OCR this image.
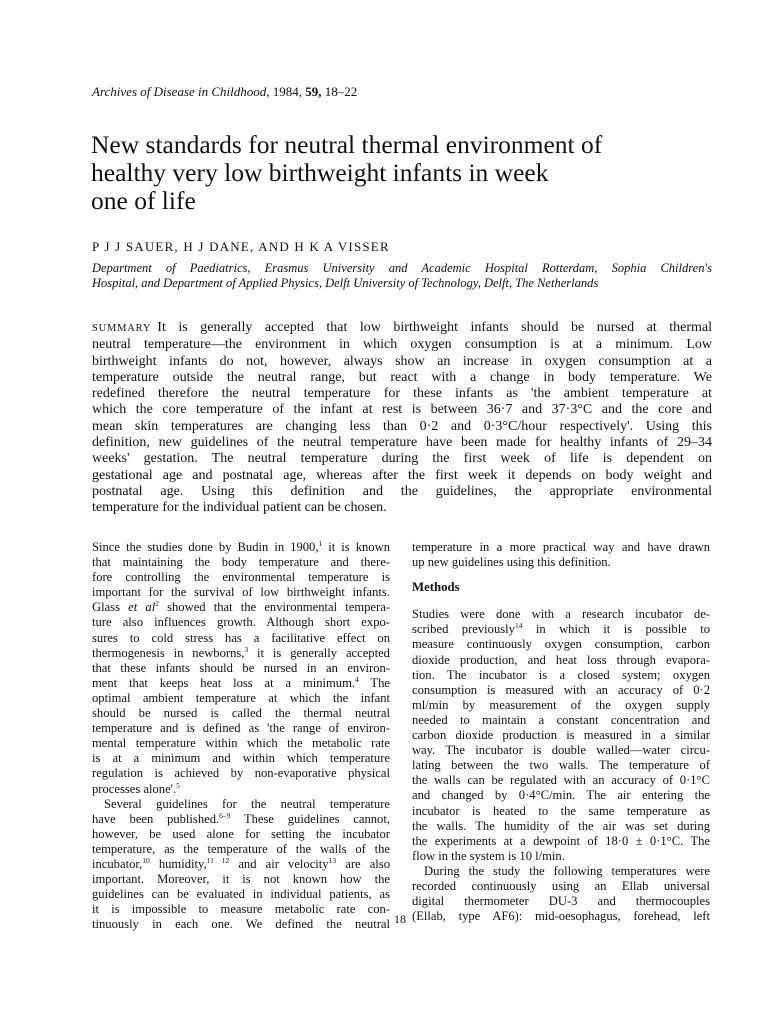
Archives of Disease in Childhood, 1984, 59, 18–22
New standards for neutral thermal environment of
healthy very low birthweight infants in week
one of life
P J J SAUER, H J DANE, AND H K A VISSER
Department of Paediatrics, Erasmus University and Academic Hospital Rotterdam, Sophia Children's
Hospital, and Department of Applied Physics, Delft University of Technology, Delft, The Netherlands
SUMMARY It is generally accepted that low birthweight infants should be nursed at thermal
neutral temperature—the environment in which oxygen consumption is at a minimum. Low
birthweight infants do not, however, always show an increase in oxygen consumption at a
temperature outside the neutral range, but react with a change in body temperature. We
redefined therefore the neutral temperature for these infants as 'the ambient temperature at
which the core temperature of the infant at rest is between 36·7 and 37·3°C and the core and
mean skin temperatures are changing less than 0·2 and 0·3°C/hour respectively'. Using this
definition, new guidelines of the neutral temperature have been made for healthy infants of 29–34
weeks' gestation. The neutral temperature during the first week of life is dependent on
gestational age and postnatal age, whereas after the first week it depends on body weight and
postnatal age. Using this definition and the guidelines, the appropriate environmental
temperature for the individual patient can be chosen.
Since the studies done by Budin in 1900,$^1$ it is known
that maintaining the body temperature and there-
fore controlling the environmental temperature is
important for the survival of low birthweight infants.
Glass et $al^2$ showed that the environmental tempera-
ture also influences growth. Although short expo-
sures to cold stress has a facilitative effect on
thermogenesis in newborns,$^3$ it is generally accepted
that these infants should be nursed in an environ-
ment that keeps heat loss at a minimum.$^4$ The
optimal ambient temperature at which the infant
should be nursed is called the thermal neutral
temperature and is defined as 'the range of environ-
mental temperature within which the metabolic rate
is at a minimum and within which temperature
regulation is achieved by non-evaporative physical
processes alone'.$^5$
Several guidelines for the neutral temperature
have been published.$^{6-9}$ These guidelines cannot,
however, be used alone for setting the incubator
temperature, as the temperature of the walls of the
incubator,$^{10}$ humidity,$^{11 12}$ and air velocity$^{13}$ are also
important. Moreover, it is not known how the
guidelines can be evaluated in individual patients, as
it is impossible to measure metabolic rate con-
tinuously in each one. We defined the neutral
temperature in a more practical way and have drawn
up new guidelines using this definition.
Methods
Studies were done with a research incubator de-
scribed previously$^{14}$ in which it is possible to
measure continuously oxygen consumption, carbon
dioxide production, and heat loss through evapora-
tion. The incubator is a closed system; oxygen
consumption is measured with an accuracy of 0·2
ml/min by measurement of the oxygen supply
needed to maintain a constant concentration and
carbon dioxide production is measured in a similar
way. The incubator is double walled—water circu-
lating between the two walls. The temperature of
the walls can be regulated with an accuracy of 0·1°C
and changed by 0·4°C/min. The air entering the
incubator is heated to the same temperature as
the walls. The humidity of the air was set during
the experiments at a dewpoint of 18·0 ± 0·1°C. The
flow in the system is 10 l/min.
During the study the following temperatures were
recorded continuously using an Ellab universal
digital thermometer DU-3 and thermocouples
(Ellab, type AF6): mid-oesophagus, forehead, left
18
